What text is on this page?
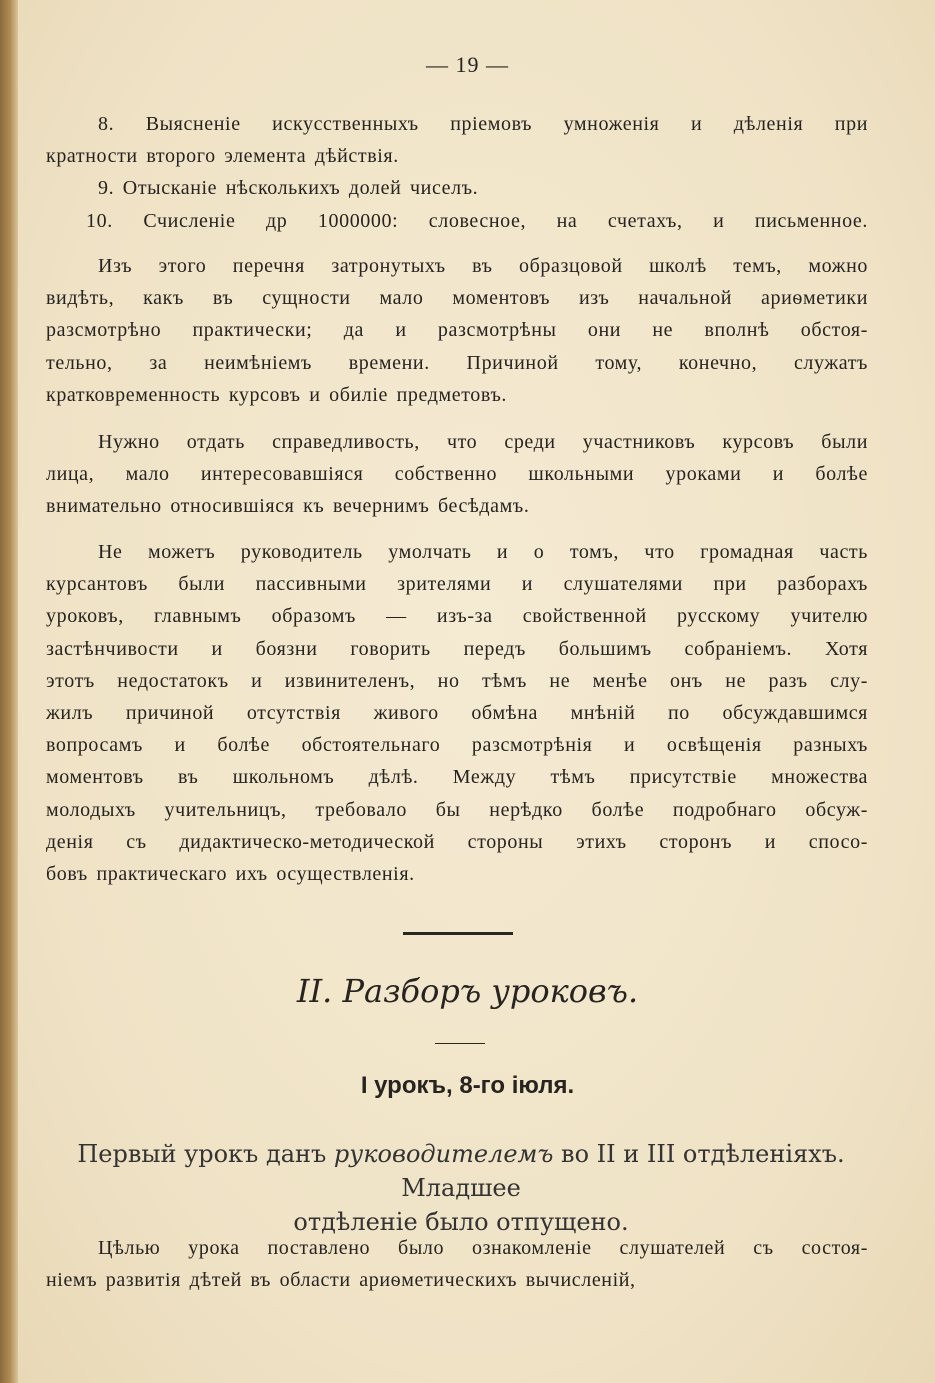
— 19 —

8. Выясненіе искусственныхъ пріемовъ умноженія и дѣленія при

кратности второго элемента дѣйствія.

9. Отысканіе нѣсколькихъ долей чиселъ.

10. Счисленіе др 1000000: словесное, на счетахъ, и письменное.

Изъ этого перечня затронутыхъ въ образцовой школѣ темъ, можно

видѣть, какъ въ сущности мало моментовъ изъ начальной ариѳметики

разсмотрѣно практически; да и разсмотрѣны они не вполнѣ обстоя-

тельно, за неимѣніемъ времени. Причиной тому, конечно, служатъ

кратковременность курсовъ и обиліе предметовъ.

Нужно отдать справедливость, что среди участниковъ курсовъ были

лица, мало интересовавшіяся собственно школьными уроками и болѣе

внимательно относившіяся къ вечернимъ бесѣдамъ.

Не можетъ руководитель умолчать и о томъ, что громадная часть

курсантовъ были пассивными зрителями и слушателями при разборахъ

уроковъ, главнымъ образомъ — изъ-за свойственной русскому учителю

застѣнчивости и боязни говорить передъ большимъ собраніемъ. Хотя

этотъ недостатокъ и извинителенъ, но тѣмъ не менѣе онъ не разъ слу-

жилъ причиной отсутствія живого обмѣна мнѣній по обсуждавшимся

вопросамъ и болѣе обстоятельнаго разсмотрѣнія и освѣщенія разныхъ

моментовъ въ школьномъ дѣлѣ. Между тѣмъ присутствіе множества

молодыхъ учительницъ, требовало бы нерѣдко болѣе подробнаго обсуж-

денія съ дидактическо-методической стороны этихъ сторонъ и спосо-

бовъ практическаго ихъ осуществленія.

II. Разборъ уроковъ.
I урокъ, 8-го іюля.
Первый урокъ данъ руководителемъ во II и III отдѣленіяхъ. Младшее
отдѣленіе было отпущено.

Цѣлью урока поставлено было ознакомленіе слушателей съ состоя-

ніемъ развитія дѣтей въ области ариѳметическихъ вычисленій,
